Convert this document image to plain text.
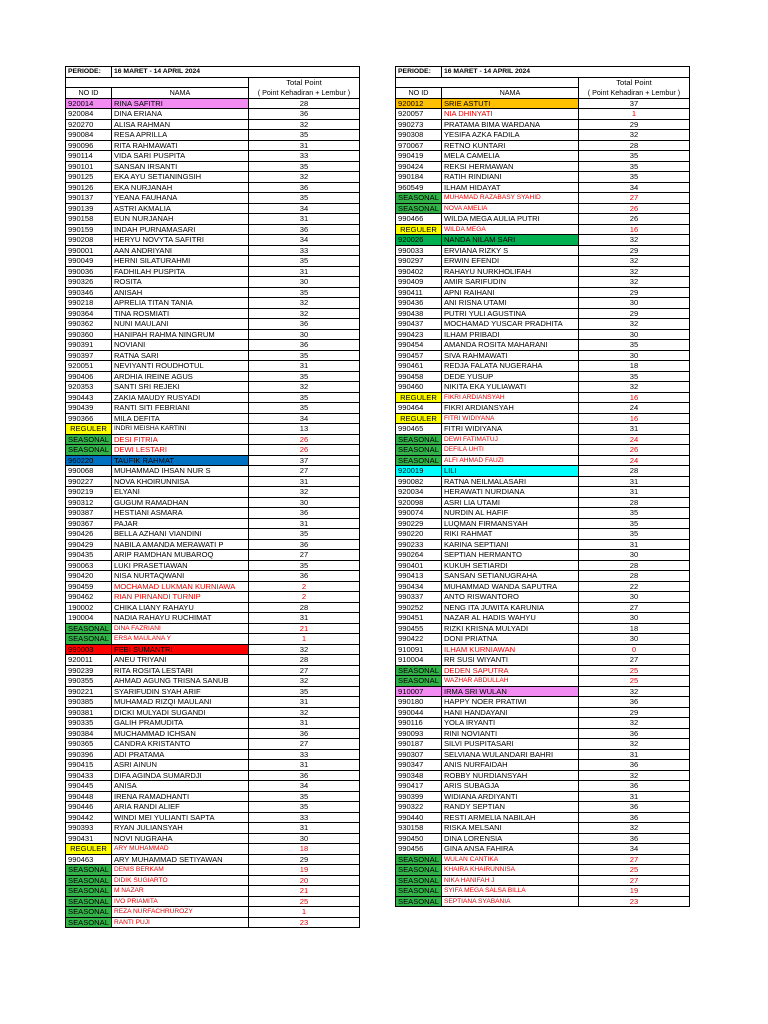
PERIODE:	16 MARET - 14 APRIL 2024	
		Total Point
NO ID	NAMA	( Point Kehadiran + Lembur )
920014	RINA SAFITRI	28
920084	DINA ERIANA	36
920270	ALISA RAHMAN	32
990084	RESA APRILLA	35
990096	RITA RAHMAWATI	31
990114	VIDA SARI PUSPITA	33
990101	SANSAN IRSANTI	35
990125	EKA AYU SETIANINGSIH	32
990126	EKA NURJANAH	36
990137	YEANA FAUHANA	35
990139	ASTRI AKMALIA	34
990158	EUN NURJANAH	31
990159	INDAH PURNAMASARI	36
990208	HERYU NOVYTA SAFITRI	34
990001	AAN ANDRIYANI	33
990049	HERNI SILATURAHMI	35
990036	FADHILAH PUSPITA	31
990326	ROSITA	30
990346	ANISAH	35
990218	APRELIA TITAN TANIA	32
990364	TINA ROSMIATI	32
990362	NUNI MAULANI	36
990360	HANIPAH RAHMA NINGRUM	30
990391	NOVIANI	36
990397	RATNA SARI	35
920051	NEVIYANTI ROUDHOTUL	31
990406	ARDHIA IREINE AGUS	35
920353	SANTI SRI REJEKI	32
990443	ZAKIA MAUDY RUSYADI	35
990439	RANTI SITI FEBRIANI	35
990366	MILA DEFITA	34
REGULER	INDRI MEISHA KARTINI	13
SEASONAL	DESI FITRIA	26
SEASONAL	DEWI LESTARI	26
960220	TAUFIK RAHMAT	37
990068	MUHAMMAD IHSAN NUR S	27
990227	NOVA KHOIRUNNISA	31
990219	ELYANI	32
990312	GUGUM RAMADHAN	30
990387	HESTIANI ASMARA	36
990367	PAJAR	31
990426	BELLA AZHANI VIANDINI	35
990429	NABILA AMANDA MERAWATI P	36
990435	ARIP RAMDHAN MUBAROQ	27
990063	LUKI PRASETIAWAN	35
990420	NISA NURTAQWANI	36
990459	MOCHAMAD LUKMAN KURNIAWA	2
990462	RIAN PIRNANDI TURNIP	2
190002	CHIKA LIANY RAHAYU	28
190004	NADIA RAHAYU RUCHIMAT	31
SEASONAL	DINA FAZRIANI	21
SEASONAL	ERSA MAULANA Y	1
990003	FEBI SUMANTRI	32
920011	ANEU TRIYANI	28
990239	RITA ROSITA LESTARI	27
990355	AHMAD AGUNG TRISNA SANUB	32
990221	SYARIFUDIN SYAH ARIF	35
990385	MUHAMAD RIZQI MAULANI	31
990381	DICKI MULYADI SUGANDI	32
990335	GALIH PRAMUDITA	31
990384	MUCHAMMAD ICHSAN	36
990365	CANDRA KRISTANTO	27
990396	ADI PRATAMA	33
990415	ASRI AINUN	31
990433	DIFA AGINDA SUMARDJI	36
990445	ANISA	34
990448	IRENA RAMADHANTI	35
990446	ARIA RANDI ALIEF	35
990442	WINDI MEI YULIANTI SAPTA	33
990393	RYAN JULIANSYAH	31
990431	NOVI NUGRAHA	30
REGULER	ARY MUHAMMAD	18
990463	ARY MUHAMMAD SETIYAWAN	29
SEASONAL	DENIS BERKAM	19
SEASONAL	DIDIK SUGIARTO	20
SEASONAL	M NAZAR	21
SEASONAL	IVO PRIAMITA	25
SEASONAL	REZA NURFACHRUROZY	1
SEASONAL	RANTI PUJI	23
PERIODE:	16 MARET - 14 APRIL 2024	
		Total Point
NO ID	NAMA	( Point Kehadiran + Lembur )
920012	SRIE ASTUTI	37
920057	NIA DHINYATI	1
990273	PRATAMA BIMA WARDANA	29
990308	YESIFA AZKA FADILA	32
970067	RETNO KUNTARI	28
990419	MELA CAMELIA	35
990424	REKSI HERMAWAN	35
990184	RATIH RINDIANI	35
960549	ILHAM HIDAYAT	34
SEASONAL	MUHAMAD RAZABASY SYAHID	27
SEASONAL	NOVA AMELIA	26
990466	WILDA MEGA AULIA PUTRI	26
REGULER	WILDA MEGA	16
920026	NANDA NILAM SARI	32
990033	ERVIANA RIZKY S	29
990297	ERWIN EFENDI	32
990402	RAHAYU NURKHOLIFAH	32
990409	AMIR SARIFUDIN	32
990411	APNI RAIHANI	29
990436	ANI RISNA UTAMI	30
990438	PUTRI YULI AGUSTINA	29
990437	MOCHAMAD YUSCAR PRADHITA	32
990423	ILHAM PRIBADI	30
990454	AMANDA ROSITA MAHARANI	35
990457	SIVA RAHMAWATI	30
990461	REDJA FALATA NUGERAHA	18
990458	DEDE YUSUP	35
990460	NIKITA EKA YULIAWATI	32
REGULER	FIKRI ARDIANSYAH	16
990464	FIKRI ARDIANSYAH	24
REGULER	FITRI WIDIYANA	16
990465	FITRI WIDIYANA	31
SEASONAL	DEWI FATIMATUJ	24
SEASONAL	DEFILA UHTI	26
SEASONAL	ALFI AHMAD FAUZI	24
920019	LILI	28
990082	RATNA NEILMALASARI	31
920034	HERAWATI NURDIANA	31
920098	ASRI LIA UTAMI	28
990074	NURDIN AL HAFIF	35
990229	LUQMAN FIRMANSYAH	35
990220	RIKI RAHMAT	35
990233	KARINA SEPTIANI	31
990264	SEPTIAN HERMANTO	30
990401	KUKUH SETIARDI	28
990413	SANSAN SETIANUGRAHA	28
990434	MUHAMMAD WANDA SAPUTRA	22
990337	ANTO RISWANTORO	30
990252	NENG ITA JUWITA KARUNIA	27
990451	NAZAR AL HADIS WAHYU	30
990455	RIZKI KRISNA MULYADI	18
990422	DONI PRIATNA	30
910091	ILHAM KURNIAWAN	0
910004	RR SUSI WIYANTI	27
SEASONAL	DEDEN SAPUTRA	25
SEASONAL	WAZHAR ABDULLAH	25
910007	IRMA SRI WULAN	32
990180	HAPPY NOER PRATIWI	36
990044	HANI HANDAYANI	29
990116	YOLA IRYANTI	32
990093	RINI NOVIANTI	36
990187	SILVI PUSPITASARI	32
990307	SELVIANA WULANDARI BAHRI	31
990347	ANIS NURFAIDAH	36
990348	ROBBY NURDIANSYAH	32
990417	ARIS SUBAGJA	36
990399	WIDIANA ARDIYANTI	31
990322	RANDY SEPTIAN	36
990440	RESTI ARMELIA NABILAH	36
930158	RISKA MELSANI	32
990450	DINA LORENSIA	36
990456	GINA ANSA FAHIRA	34
SEASONAL	WULAN CANTIKA	27
SEASONAL	KHAIRA KHAIRUNNISA	25
SEASONAL	NIKA HANIFAH J	27
SEASONAL	SYIFA MEGA SALSA BILLA	19
SEASONAL	SEPTIANA SYABANIA	23
